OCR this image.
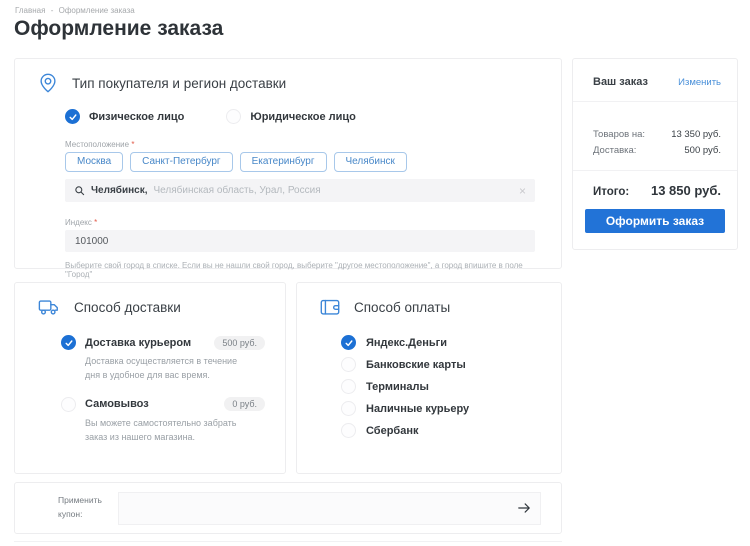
Главная - Оформление заказа
Оформление заказа
Тип покупателя и регион доставки
Физическое лицо	Юридическое лицо
Местоположение *
Москва	Санкт-Петербург	Екатеринбург	Челябинск
Челябинск, Челябинская область, Урал, Россия	×
Индекс *
101000
Выберите свой город в списке. Если вы не нашли свой город, выберите "другое местоположение", а город впишите в поле "Город"
Ваш заказ	Изменить
Товаров на:	13 350 руб.
Доставка:	500 руб.
Итого: 13 850 руб.
Оформить заказ
Способ доставки
Доставка курьером	500 руб.
Доставка осуществляется в течение дня в удобное для вас время.
Самовывоз	0 руб.
Вы можете самостоятельно забрать заказ из нашего магазина.
Способ оплаты
Яндекс.Деньги
Банковские карты
Терминалы
Наличные курьеру
Сбербанк
Применить
купон:
